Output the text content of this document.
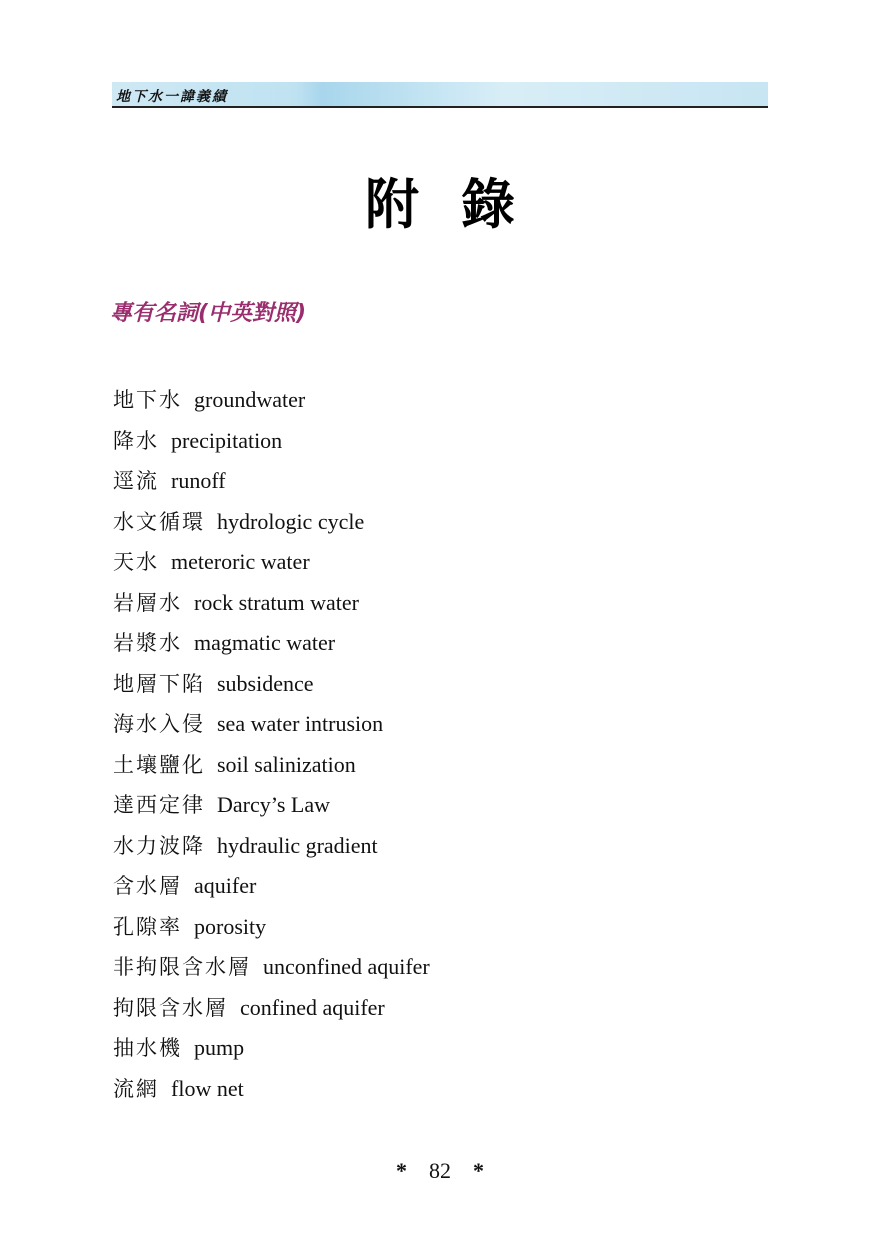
地下水一諱義績
附錄
專有名詞(中英對照)
地下水 groundwater
降水 precipitation
逕流 runoff
水文循環 hydrologic cycle
天水 meteroric water
岩層水 rock stratum water
岩漿水 magmatic water
地層下陷 subsidence
海水入侵 sea water intrusion
土壤鹽化 soil salinization
達西定律 Darcy’s Law
水力波降 hydraulic gradient
含水層 aquifer
孔隙率 porosity
非拘限含水層 unconfined aquifer
拘限含水層 confined aquifer
抽水機 pump
流網 flow net
* 82 *
